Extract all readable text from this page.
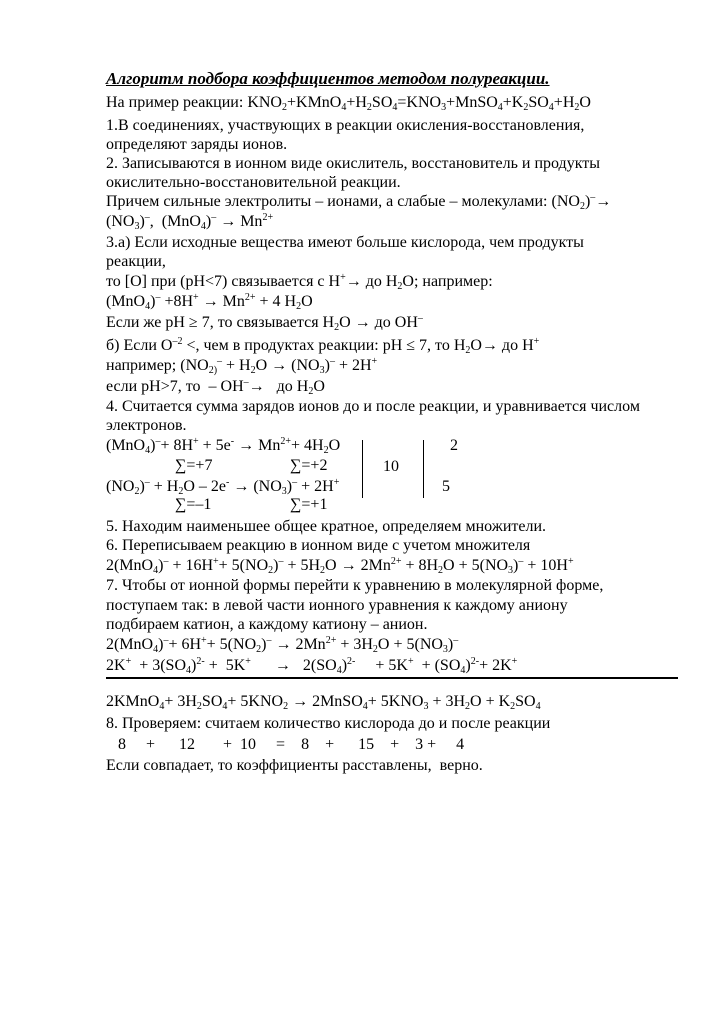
Алгоритм подбора коэффициентов методом полуреакции.
На пример реакции: $KNO_2+KMnO_4+H_2SO_4=KNO_3+MnSO_4+K_2SO_4+H_2O$
1.В соединениях, участвующих в реакции окисления-восстановления,
определяют заряды ионов.
2. Записываются в ионном виде окислитель, восстановитель и продукты
окислительно-восстановительной реакции.
Причем сильные электролиты – ионами, а слабые – молекулами: $(NO_2)^-\to$
$(NO_3)^-$,  $(MnO_4)^- \to Mn^{2+}$
3.а) Если исходные вещества имеют больше кислорода, чем продукты
реакции,
то [O] при (pH<7) связывается с H+→ до $H_2O$; например:
$(MnO_4)^- +8H^+ \to Mn^{2+} + 4$ $H_2O$
Если же pH ≥ 7, то связывается $H_2O$ → до OH–
б) Если $O^{-2}$ <, чем в продуктах реакции: pH ≤ 7, то $H_2O\to$ до H+
например; ($NO_{2)}^- + H_2O \to (NO_3)^- + 2H^+$
если pH>7, то  – OH–→   до $H_2O$
4. Считается сумма зарядов ионов до и после реакции, и уравнивается числом
электронов.
$(MnO_4)^-+ 8H^+ + 5e^- \to Mn^{2+}+ 4H_2O$
∑=+7	∑=+2
$(NO_2)^- + H_2O - 2e^- \to (NO_3)^- + 2H^+$
∑=–1	∑=+1
10
2
5
5. Находим наименьшее общее кратное, определяем множители.
6. Переписываем реакцию в ионном виде с учетом множителя
$2(MnO_4)^- + 16H^++ 5(NO_2)^- + 5H_2O \to 2Mn^{2+} + 8H_2O + 5(NO_3)^- + 10H^+$
7. Чтобы от ионной формы перейти к уравнению в молекулярной форме,
поступаем так: в левой части ионного уравнения к каждому аниону
подбираем катион, а каждому катиону – анион.
$2(MnO_4)^-+ 6H^++ 5(NO_2)^- \to 2Mn^{2+} + 3H_2O + 5(NO_3)^-$
$2K^+ + 3(SO_4)^{2-} + 5K^+$      →   $2(SO_4)^{2-}$     + $5K^+ + (SO_4)^{2-}+ 2K^+$
2KMnO$_4$+ $3H_2SO_4+ 5KNO_2$ → 2MnSO$_4$+ $5KNO_3 + 3H_2O + K_2SO_4$
8. Проверяем: считаем количество кислорода до и после реакции
8     +      12       +  10     =    8    +      15    +    3 +     4
Если совпадает, то коэффициенты расставлены,  верно.
